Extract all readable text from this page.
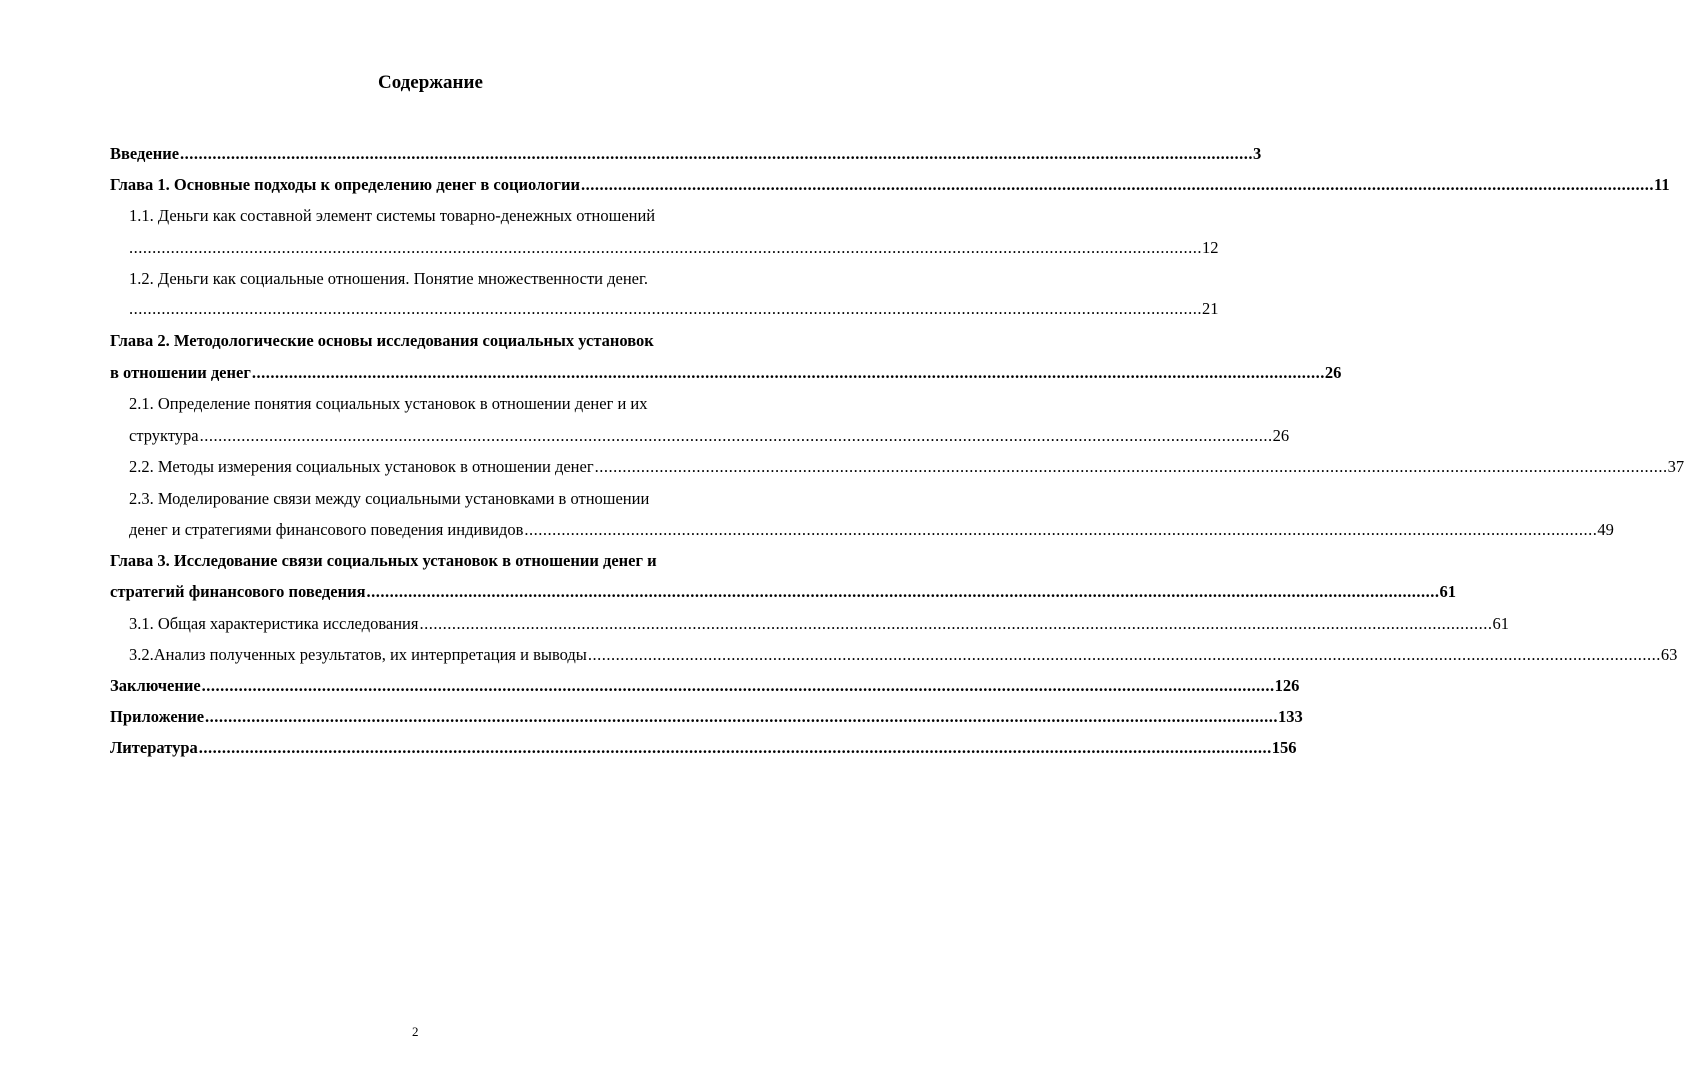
Содержание
Введение ........................................................................................................................................................................................................................................ 3
Глава 1. Основные подходы к определению денег в социологии ........................................................................................................................................................................................................................................ 11
1.1. Деньги как составной элемент системы товарно-денежных отношений
........................................................................................................................................................................................................................................ 12
1.2. Деньги как социальные отношения. Понятие множественности денег.
........................................................................................................................................................................................................................................ 21
Глава 2. Методологические основы исследования социальных установок
в отношении денег ........................................................................................................................................................................................................................................ 26
2.1. Определение понятия социальных установок в отношении денег и их
структура ........................................................................................................................................................................................................................................ 26
2.2. Методы измерения социальных установок в отношении денег ........................................................................................................................................................................................................................................ 37
2.3. Моделирование связи между социальными установками в отношении
денег и стратегиями финансового поведения индивидов ........................................................................................................................................................................................................................................ 49
Глава 3. Исследование связи социальных установок в отношении денег и
стратегий финансового поведения ........................................................................................................................................................................................................................................ 61
3.1. Общая характеристика исследования ........................................................................................................................................................................................................................................ 61
3.2.Анализ полученных результатов, их интерпретация и выводы ........................................................................................................................................................................................................................................ 63
Заключение ........................................................................................................................................................................................................................................ 126
Приложение ........................................................................................................................................................................................................................................ 133
Литература ........................................................................................................................................................................................................................................ 156
2
